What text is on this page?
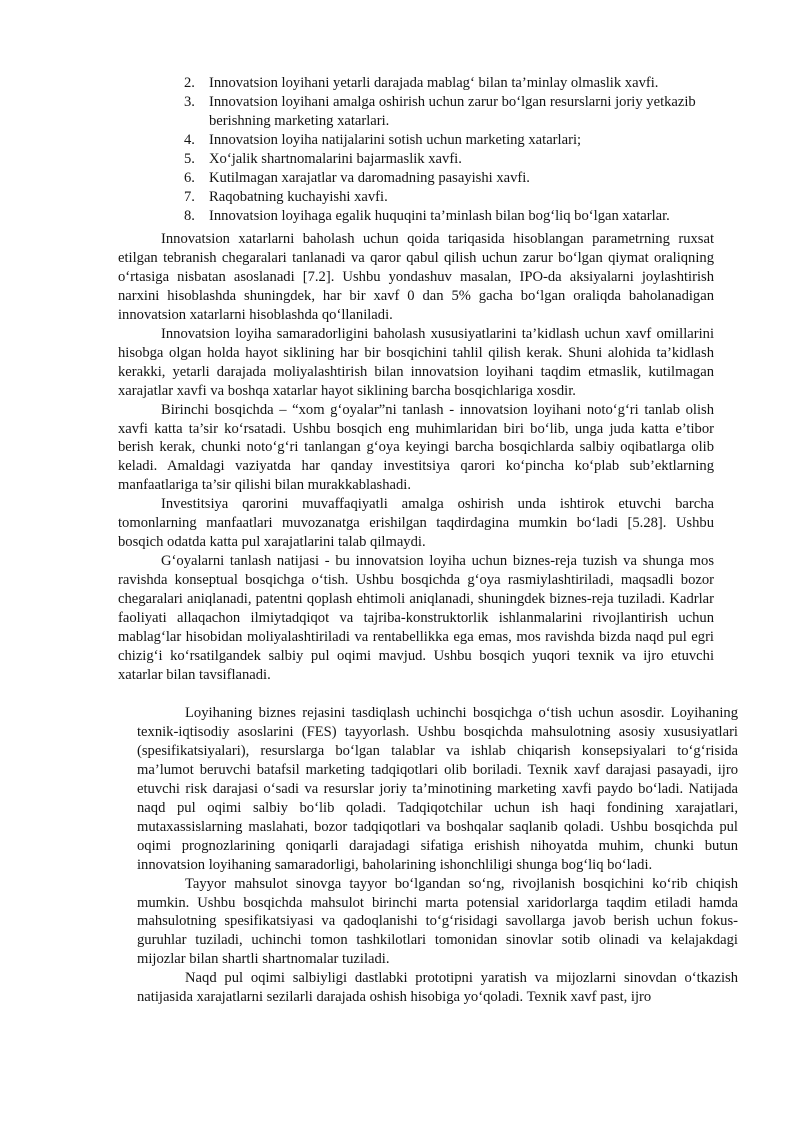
2. Innovatsion loyihani yetarli darajada mablag‘ bilan ta’minlay olmaslik xavfi.
3. Innovatsion loyihani amalga oshirish uchun zarur bo‘lgan resurslarni joriy yetkazib berishning marketing xatarlari.
4. Innovatsion loyiha natijalarini sotish uchun marketing xatarlari;
5. Xo‘jalik shartnomalarini bajarmaslik xavfi.
6. Kutilmagan xarajatlar va daromadning pasayishi xavfi.
7. Raqobatning kuchayishi xavfi.
8. Innovatsion loyihaga egalik huquqini ta’minlash bilan bog‘liq bo‘lgan xatarlar.

Innovatsion xatarlarni baholash uchun qoida tariqasida hisoblangan parametrning ruxsat etilgan tebranish chegaralari tanlanadi va qaror qabul qilish uchun zarur bo‘lgan qiymat oraliqning o‘rtasiga nisbatan asoslanadi [7.2]. Ushbu yondashuv masalan, IPO-da aksiyalarni joylashtirish narxini hisoblashda shuningdek, har bir xavf 0 dan 5% gacha bo‘lgan oraliqda baholanadigan innovatsion xatarlarni hisoblashda qo‘llaniladi.

Innovatsion loyiha samaradorligini baholash xususiyatlarini ta’kidlash uchun xavf omillarini hisobga olgan holda hayot siklining har bir bosqichini tahlil qilish kerak. Shuni alohida ta’kidlash kerakki, yetarli darajada moliyalashtirish bilan innovatsion loyihani taqdim etmaslik, kutilmagan xarajatlar xavfi va boshqa xatarlar hayot siklining barcha bosqichlariga xosdir.

Birinchi bosqichda – “xom g‘oyalar”ni tanlash - innovatsion loyihani noto‘g‘ri tanlab olish xavfi katta ta’sir ko‘rsatadi. Ushbu bosqich eng muhimlaridan biri bo‘lib, unga juda katta e’tibor berish kerak, chunki noto‘g‘ri tanlangan g‘oya keyingi barcha bosqichlarda salbiy oqibatlarga olib keladi. Amaldagi vaziyatda har qanday investitsiya qarori ko‘pincha ko‘plab sub’ektlarning manfaatlariga ta’sir qilishi bilan murakkablashadi.

Investitsiya qarorini muvaffaqiyatli amalga oshirish unda ishtirok etuvchi barcha tomonlarning manfaatlari muvozanatga erishilgan taqdirdagina mumkin bo‘ladi [5.28]. Ushbu bosqich odatda katta pul xarajatlarini talab qilmaydi.

G‘oyalarni tanlash natijasi - bu innovatsion loyiha uchun biznes-reja tuzish va shunga mos ravishda konseptual bosqichga o‘tish. Ushbu bosqichda g‘oya rasmiylashtiriladi, maqsadli bozor chegaralari aniqlanadi, patentni qoplash ehtimoli aniqlanadi, shuningdek biznes-reja tuziladi. Kadrlar faoliyati allaqachon ilmiytadqiqot va tajriba-konstruktorlik ishlanmalarini rivojlantirish uchun mablag‘lar hisobidan moliyalashtiriladi va rentabellikka ega emas, mos ravishda bizda naqd pul egri chizig‘i ko‘rsatilgandek salbiy pul oqimi mavjud. Ushbu bosqich yuqori texnik va ijro etuvchi xatarlar bilan tavsiflanadi.

Loyihaning biznes rejasini tasdiqlash uchinchi bosqichga o‘tish uchun asosdir. Loyihaning texnik-iqtisodiy asoslarini (FES) tayyorlash. Ushbu bosqichda mahsulotning asosiy xususiyatlari (spesifikatsiyalari), resurslarga bo‘lgan talablar va ishlab chiqarish konsepsiyalari to‘g‘risida ma’lumot beruvchi batafsil marketing tadqiqotlari olib boriladi. Texnik xavf darajasi pasayadi, ijro etuvchi risk darajasi o‘sadi va resurslar joriy ta’minotining marketing xavfi paydo bo‘ladi. Natijada naqd pul oqimi salbiy bo‘lib qoladi. Tadqiqotchilar uchun ish haqi fondining xarajatlari, mutaxassislarning maslahati, bozor tadqiqotlari va boshqalar saqlanib qoladi. Ushbu bosqichda pul oqimi prognozlarining qoniqarli darajadagi sifatiga erishish nihoyatda muhim, chunki butun innovatsion loyihaning samaradorligi, baholarining ishonchliligi shunga bog‘liq bo‘ladi.

Tayyor mahsulot sinovga tayyor bo‘lgandan so‘ng, rivojlanish bosqichini ko‘rib chiqish mumkin. Ushbu bosqichda mahsulot birinchi marta potensial xaridorlarga taqdim etiladi hamda mahsulotning spesifikatsiyasi va qadoqlanishi to‘g‘risidagi savollarga javob berish uchun fokus-guruhlar tuziladi, uchinchi tomon tashkilotlari tomonidan sinovlar sotib olinadi va kelajakdagi mijozlar bilan shartli shartnomalar tuziladi.

Naqd pul oqimi salbiyligi dastlabki prototipni yaratish va mijozlarni sinovdan o‘tkazish natijasida xarajatlarni sezilarli darajada oshish hisobiga yo‘qoladi. Texnik xavf past, ijro
